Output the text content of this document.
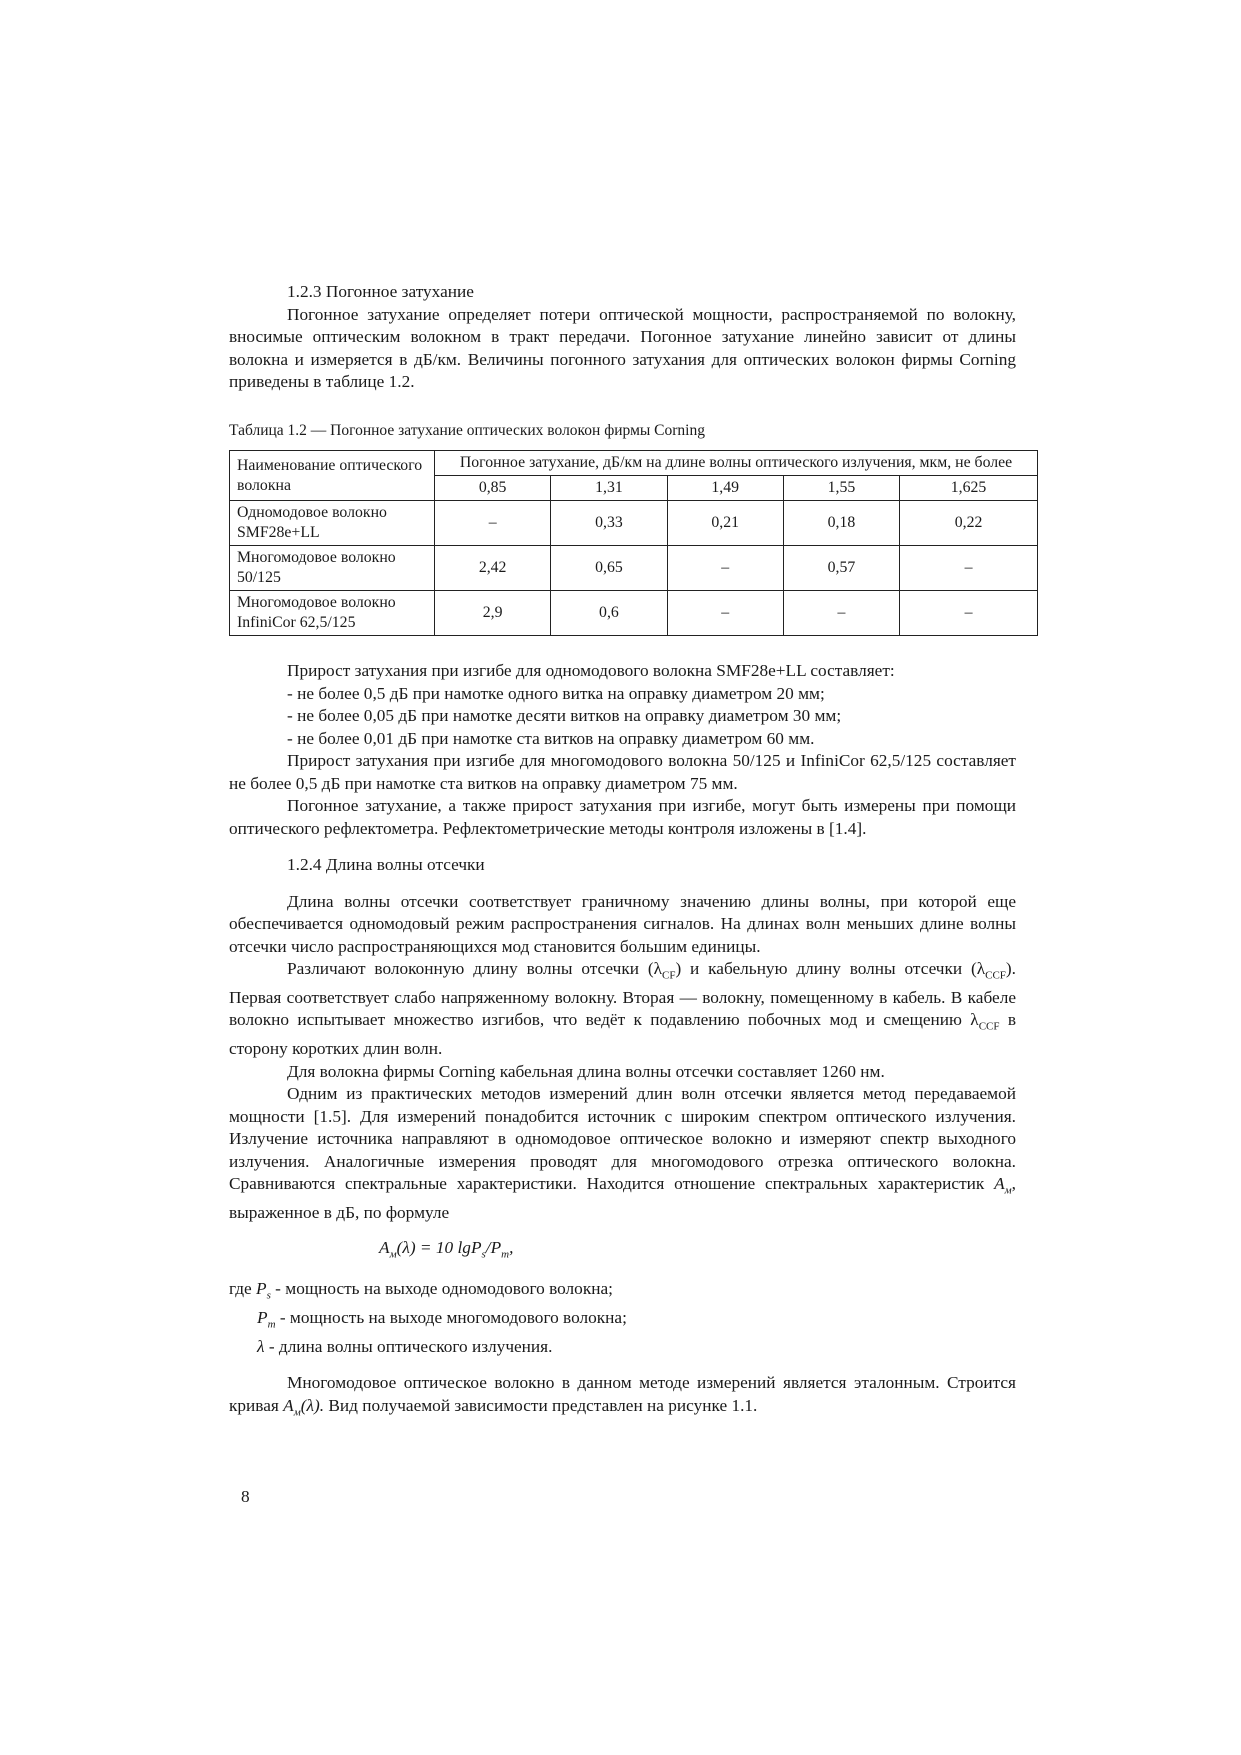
1.2.3 Погонное затухание

Погонное затухание определяет потери оптической мощности, распространяемой по волокну, вносимые оптическим волокном в тракт передачи. Погонное затухание линейно зависит от длины волокна и измеряется в дБ/км. Величины погонного затухания для оптических волокон фирмы Corning приведены в таблице 1.2.

Таблица 1.2 — Погонное затухание оптических волокон фирмы Corning

Наименование оптического волокна	Погонное затухание, дБ/км на длине волны оптического излучения, мкм, не более				
	0,85	1,31	1,49	1,55	1,625
Одномодовое волокно SMF28e+LL	–	0,33	0,21	0,18	0,22
Многомодовое волокно 50/125	2,42	0,65	–	0,57	–
Многомодовое волокно InfiniCor 62,5/125	2,9	0,6	–	–	–

Прирост затухания при изгибе для одномодового волокна SMF28e+LL составляет:

- не более 0,5 дБ при намотке одного витка на оправку диаметром 20 мм;

- не более 0,05 дБ при намотке десяти витков на оправку диаметром 30 мм;

- не более 0,01 дБ при намотке ста витков на оправку диаметром 60 мм.

Прирост затухания при изгибе для многомодового волокна 50/125 и InfiniCor 62,5/125 составляет не более 0,5 дБ при намотке ста витков на оправку диаметром 75 мм.

Погонное затухание, а также прирост затухания при изгибе, могут быть измерены при помощи оптического рефлектометра. Рефлектометрические методы контроля изложены в [1.4].

1.2.4 Длина волны отсечки

Длина волны отсечки соответствует граничному значению длины волны, при которой еще обеспечивается одномодовый режим распространения сигналов. На длинах волн меньших длине волны отсечки число распространяющихся мод становится большим единицы.

Различают волоконную длину волны отсечки $(\lambda_{CF})$ и кабельную длину волны отсечки $(\lambda_{CCF})$. Первая соответствует слабо напряженному волокну. Вторая — волокну, помещенному в кабель. В кабеле волокно испытывает множество изгибов, что ведёт к подавлению побочных мод и смещению $\lambda_{CCF}$ в сторону коротких длин волн.

Для волокна фирмы Corning кабельная длина волны отсечки составляет 1260 нм.

Одним из практических методов измерений длин волн отсечки является метод передаваемой мощности [1.5]. Для измерений понадобится источник с широким спектром оптического излучения. Излучение источника направляют в одномодовое оптическое волокно и измеряют спектр выходного излучения. Аналогичные измерения проводят для многомодового отрезка оптического волокна. Сравниваются спектральные характеристики. Находится отношение спектральных характеристик $A_м$, выраженное в дБ, по формуле

$A_м(\lambda) = 10$ $\lg P_s/P_m$,

где $P_s$ - мощность на выходе одномодового волокна;

$P_m$ - мощность на выходе многомодового волокна;

λ - длина волны оптического излучения.

Многомодовое оптическое волокно в данном методе измерений является эталонным. Строится кривая $A_м(\lambda)$. Вид получаемой зависимости представлен на рисунке 1.1.

8
